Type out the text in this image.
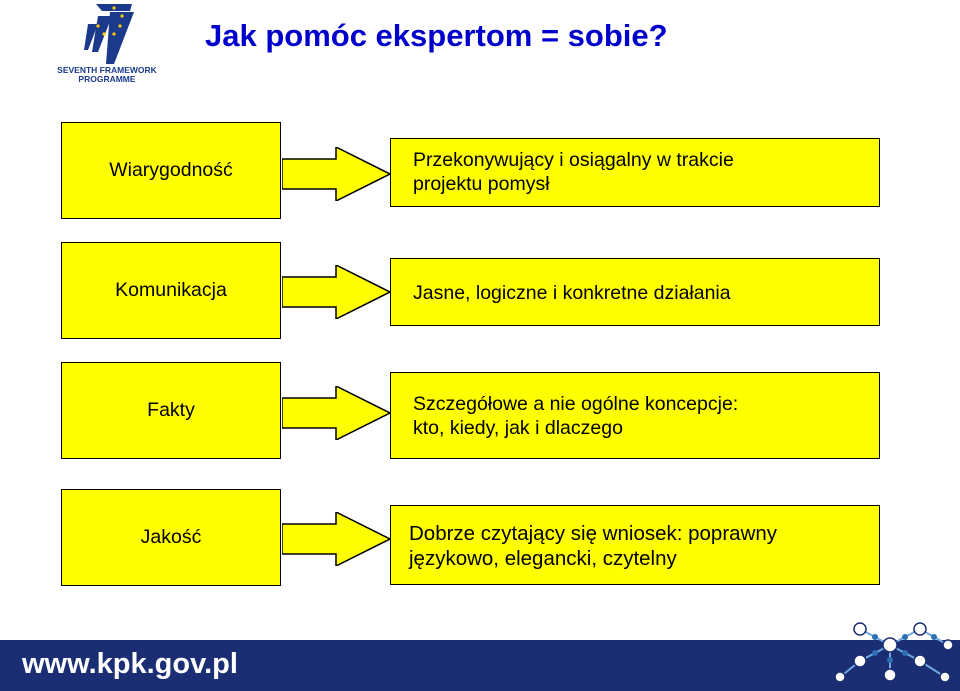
SEVENTH FRAMEWORK
PROGRAMME
Jak pomóc ekspertom = sobie?
Wiarygodność	Przekonywujący i osiągalny w trakcie
projektu pomysł
Komunikacja	Jasne, logiczne i konkretne działania
Fakty	Szczegółowe a nie ogólne koncepcje:
kto, kiedy, jak i dlaczego
Jakość	Dobrze czytający się wniosek: poprawny
językowo, elegancki, czytelny
www.kpk.gov.pl
